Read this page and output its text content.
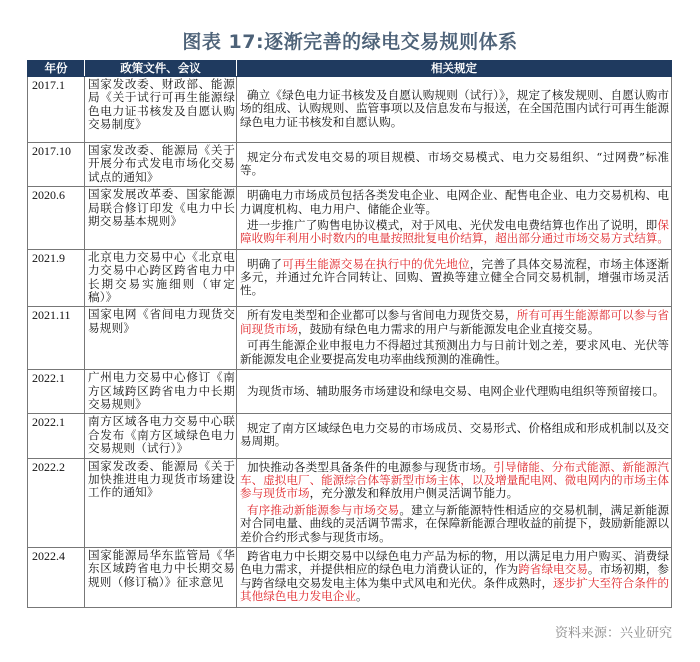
图表 17:逐渐完善的绿电交易规则体系
年份	政策文件、会议	相关规定
2017.1	国家发改委、财政部、能源局《关于试行可再生能源绿色电力证书核发及自愿认购交易制度》	确立《绿色电力证书核发及自愿认购规则（试行）》，规定了核发规则、自愿认购市场的组成、认购规则、监管事项以及信息发布与报送，在全国范围内试行可再生能源绿色电力证书核发和自愿认购。

2017.10	国家发改委、能源局《关于开展分布式发电市场化交易试点的通知》	规定分布式发电交易的项目规模、市场交易模式、电力交易组织、“过网费”标准等。

2020.6	国家发展改革委、国家能源局联合修订印发《电力中长期交易基本规则》	明确电力市场成员包括各类发电企业、电网企业、配售电企业、电力交易机构、电力调度机构、电力用户、储能企业等。

进一步推广了购售电协议模式，对于风电、光伏发电电费结算也作出了说明，即保障收购年利用小时数内的电量按照批复电价结算，超出部分通过市场交易方式结算。

2021.9	北京电力交易中心《北京电力交易中心跨区跨省电力中长期交易实施细则（审定稿）》	明确了可再生能源交易在执行中的优先地位，完善了具体交易流程，市场主体逐渐多元，并通过允许合同转让、回购、置换等建立健全合同交易机制，增强市场灵活性。

2021.11	国家电网《省间电力现货交易规则》	所有发电类型和企业都可以参与省间电力现货交易，所有可再生能源都可以参与省间现货市场，鼓励有绿色电力需求的用户与新能源发电企业直接交易。

可再生能源企业申报电力不得超过其预测出力与日前计划之差，要求风电、光伏等新能源发电企业要提高发电功率曲线预测的准确性。

2022.1	广州电力交易中心修订《南方区域跨区跨省电力中长期交易规则》	为现货市场、辅助服务市场建设和绿电交易、电网企业代理购电组织等预留接口。

2022.1	南方区域各电力交易中心联合发布《南方区域绿色电力交易规则（试行）》	规定了南方区域绿色电力交易的市场成员、交易形式、价格组成和形成机制以及交易周期。

2022.2	国家发改委、能源局《关于加快推进电力现货市场建设工作的通知》	加快推动各类型具备条件的电源参与现货市场。引导储能、分布式能源、新能源汽车、虚拟电厂、能源综合体等新型市场主体，以及增量配电网、微电网内的市场主体参与现货市场，充分激发和释放用户侧灵活调节能力。

有序推动新能源参与市场交易。建立与新能源特性相适应的交易机制，满足新能源对合同电量、曲线的灵活调节需求，在保障新能源合理收益的前提下，鼓励新能源以差价合约形式参与现货市场。

2022.4	国家能源局华东监管局《华东区域跨省电力中长期交易规则（修订稿）》征求意见	跨省电力中长期交易中以绿色电力产品为标的物，用以满足电力用户购买、消费绿色电力需求，并提供相应的绿色电力消费认证的，作为跨省绿电交易。市场初期，参与跨省绿电交易发电主体为集中式风电和光伏。条件成熟时，逐步扩大至符合条件的其他绿色电力发电企业。

资料来源：兴业研究
